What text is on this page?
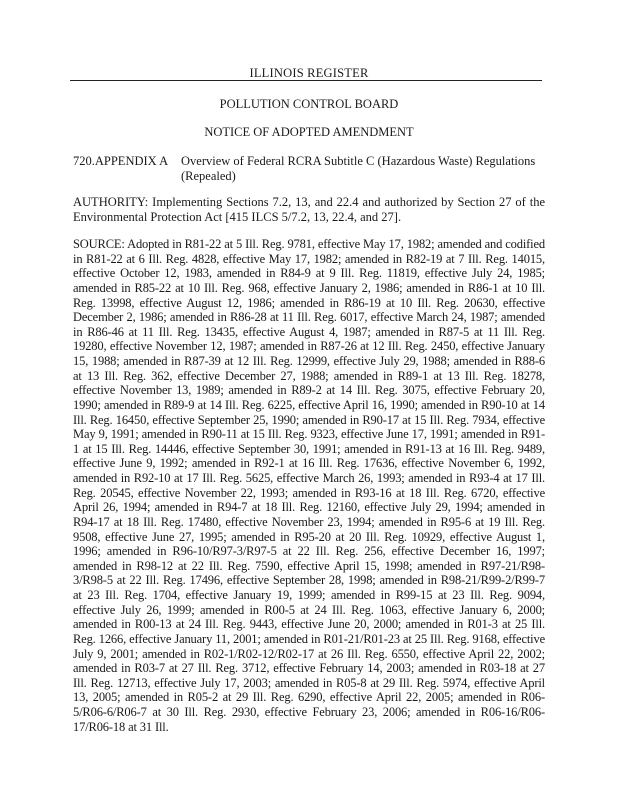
ILLINOIS REGISTER
POLLUTION CONTROL BOARD
NOTICE OF ADOPTED AMENDMENT
720.APPENDIX A Overview of Federal RCRA Subtitle C (Hazardous Waste) Regulations (Repealed)

AUTHORITY: Implementing Sections 7.2, 13, and 22.4 and authorized by Section 27 of the Environmental Protection Act [415 ILCS 5/7.2, 13, 22.4, and 27].

SOURCE: Adopted in R81-22 at 5 Ill. Reg. 9781, effective May 17, 1982; amended and codified in R81-22 at 6 Ill. Reg. 4828, effective May 17, 1982; amended in R82-19 at 7 Ill. Reg. 14015, effective October 12, 1983, amended in R84-9 at 9 Ill. Reg. 11819, effective July 24, 1985; amended in R85-22 at 10 Ill. Reg. 968, effective January 2, 1986; amended in R86-1 at 10 Ill. Reg. 13998, effective August 12, 1986; amended in R86-19 at 10 Ill. Reg. 20630, effective December 2, 1986; amended in R86-28 at 11 Ill. Reg. 6017, effective March 24, 1987; amended in R86-46 at 11 Ill. Reg. 13435, effective August 4, 1987; amended in R87-5 at 11 Ill. Reg. 19280, effective November 12, 1987; amended in R87-26 at 12 Ill. Reg. 2450, effective January 15, 1988; amended in R87-39 at 12 Ill. Reg. 12999, effective July 29, 1988; amended in R88-6 at 13 Ill. Reg. 362, effective December 27, 1988; amended in R89-1 at 13 Ill. Reg. 18278, effective November 13, 1989; amended in R89-2 at 14 Ill. Reg. 3075, effective February 20, 1990; amended in R89-9 at 14 Ill. Reg. 6225, effective April 16, 1990; amended in R90-10 at 14 Ill. Reg. 16450, effective September 25, 1990; amended in R90-17 at 15 Ill. Reg. 7934, effective May 9, 1991; amended in R90-11 at 15 Ill. Reg. 9323, effective June 17, 1991; amended in R91-1 at 15 Ill. Reg. 14446, effective September 30, 1991; amended in R91-13 at 16 Ill. Reg. 9489, effective June 9, 1992; amended in R92-1 at 16 Ill. Reg. 17636, effective November 6, 1992, amended in R92-10 at 17 Ill. Reg. 5625, effective March 26, 1993; amended in R93-4 at 17 Ill. Reg. 20545, effective November 22, 1993; amended in R93-16 at 18 Ill. Reg. 6720, effective April 26, 1994; amended in R94-7 at 18 Ill. Reg. 12160, effective July 29, 1994; amended in R94-17 at 18 Ill. Reg. 17480, effective November 23, 1994; amended in R95-6 at 19 Ill. Reg. 9508, effective June 27, 1995; amended in R95-20 at 20 Ill. Reg. 10929, effective August 1, 1996; amended in R96-10/R97-3/R97-5 at 22 Ill. Reg. 256, effective December 16, 1997; amended in R98-12 at 22 Ill. Reg. 7590, effective April 15, 1998; amended in R97-21/R98-3/R98-5 at 22 Ill. Reg. 17496, effective September 28, 1998; amended in R98-21/R99-2/R99-7 at 23 Ill. Reg. 1704, effective January 19, 1999; amended in R99-15 at 23 Ill. Reg. 9094, effective July 26, 1999; amended in R00-5 at 24 Ill. Reg. 1063, effective January 6, 2000; amended in R00-13 at 24 Ill. Reg. 9443, effective June 20, 2000; amended in R01-3 at 25 Ill. Reg. 1266, effective January 11, 2001; amended in R01-21/R01-23 at 25 Ill. Reg. 9168, effective July 9, 2001; amended in R02-1/R02-12/R02-17 at 26 Ill. Reg. 6550, effective April 22, 2002; amended in R03-7 at 27 Ill. Reg. 3712, effective February 14, 2003; amended in R03-18 at 27 Ill. Reg. 12713, effective July 17, 2003; amended in R05-8 at 29 Ill. Reg. 5974, effective April 13, 2005; amended in R05-2 at 29 Ill. Reg. 6290, effective April 22, 2005; amended in R06-5/R06-6/R06-7 at 30 Ill. Reg. 2930, effective February 23, 2006; amended in R06-16/R06-17/R06-18 at 31 Ill.
